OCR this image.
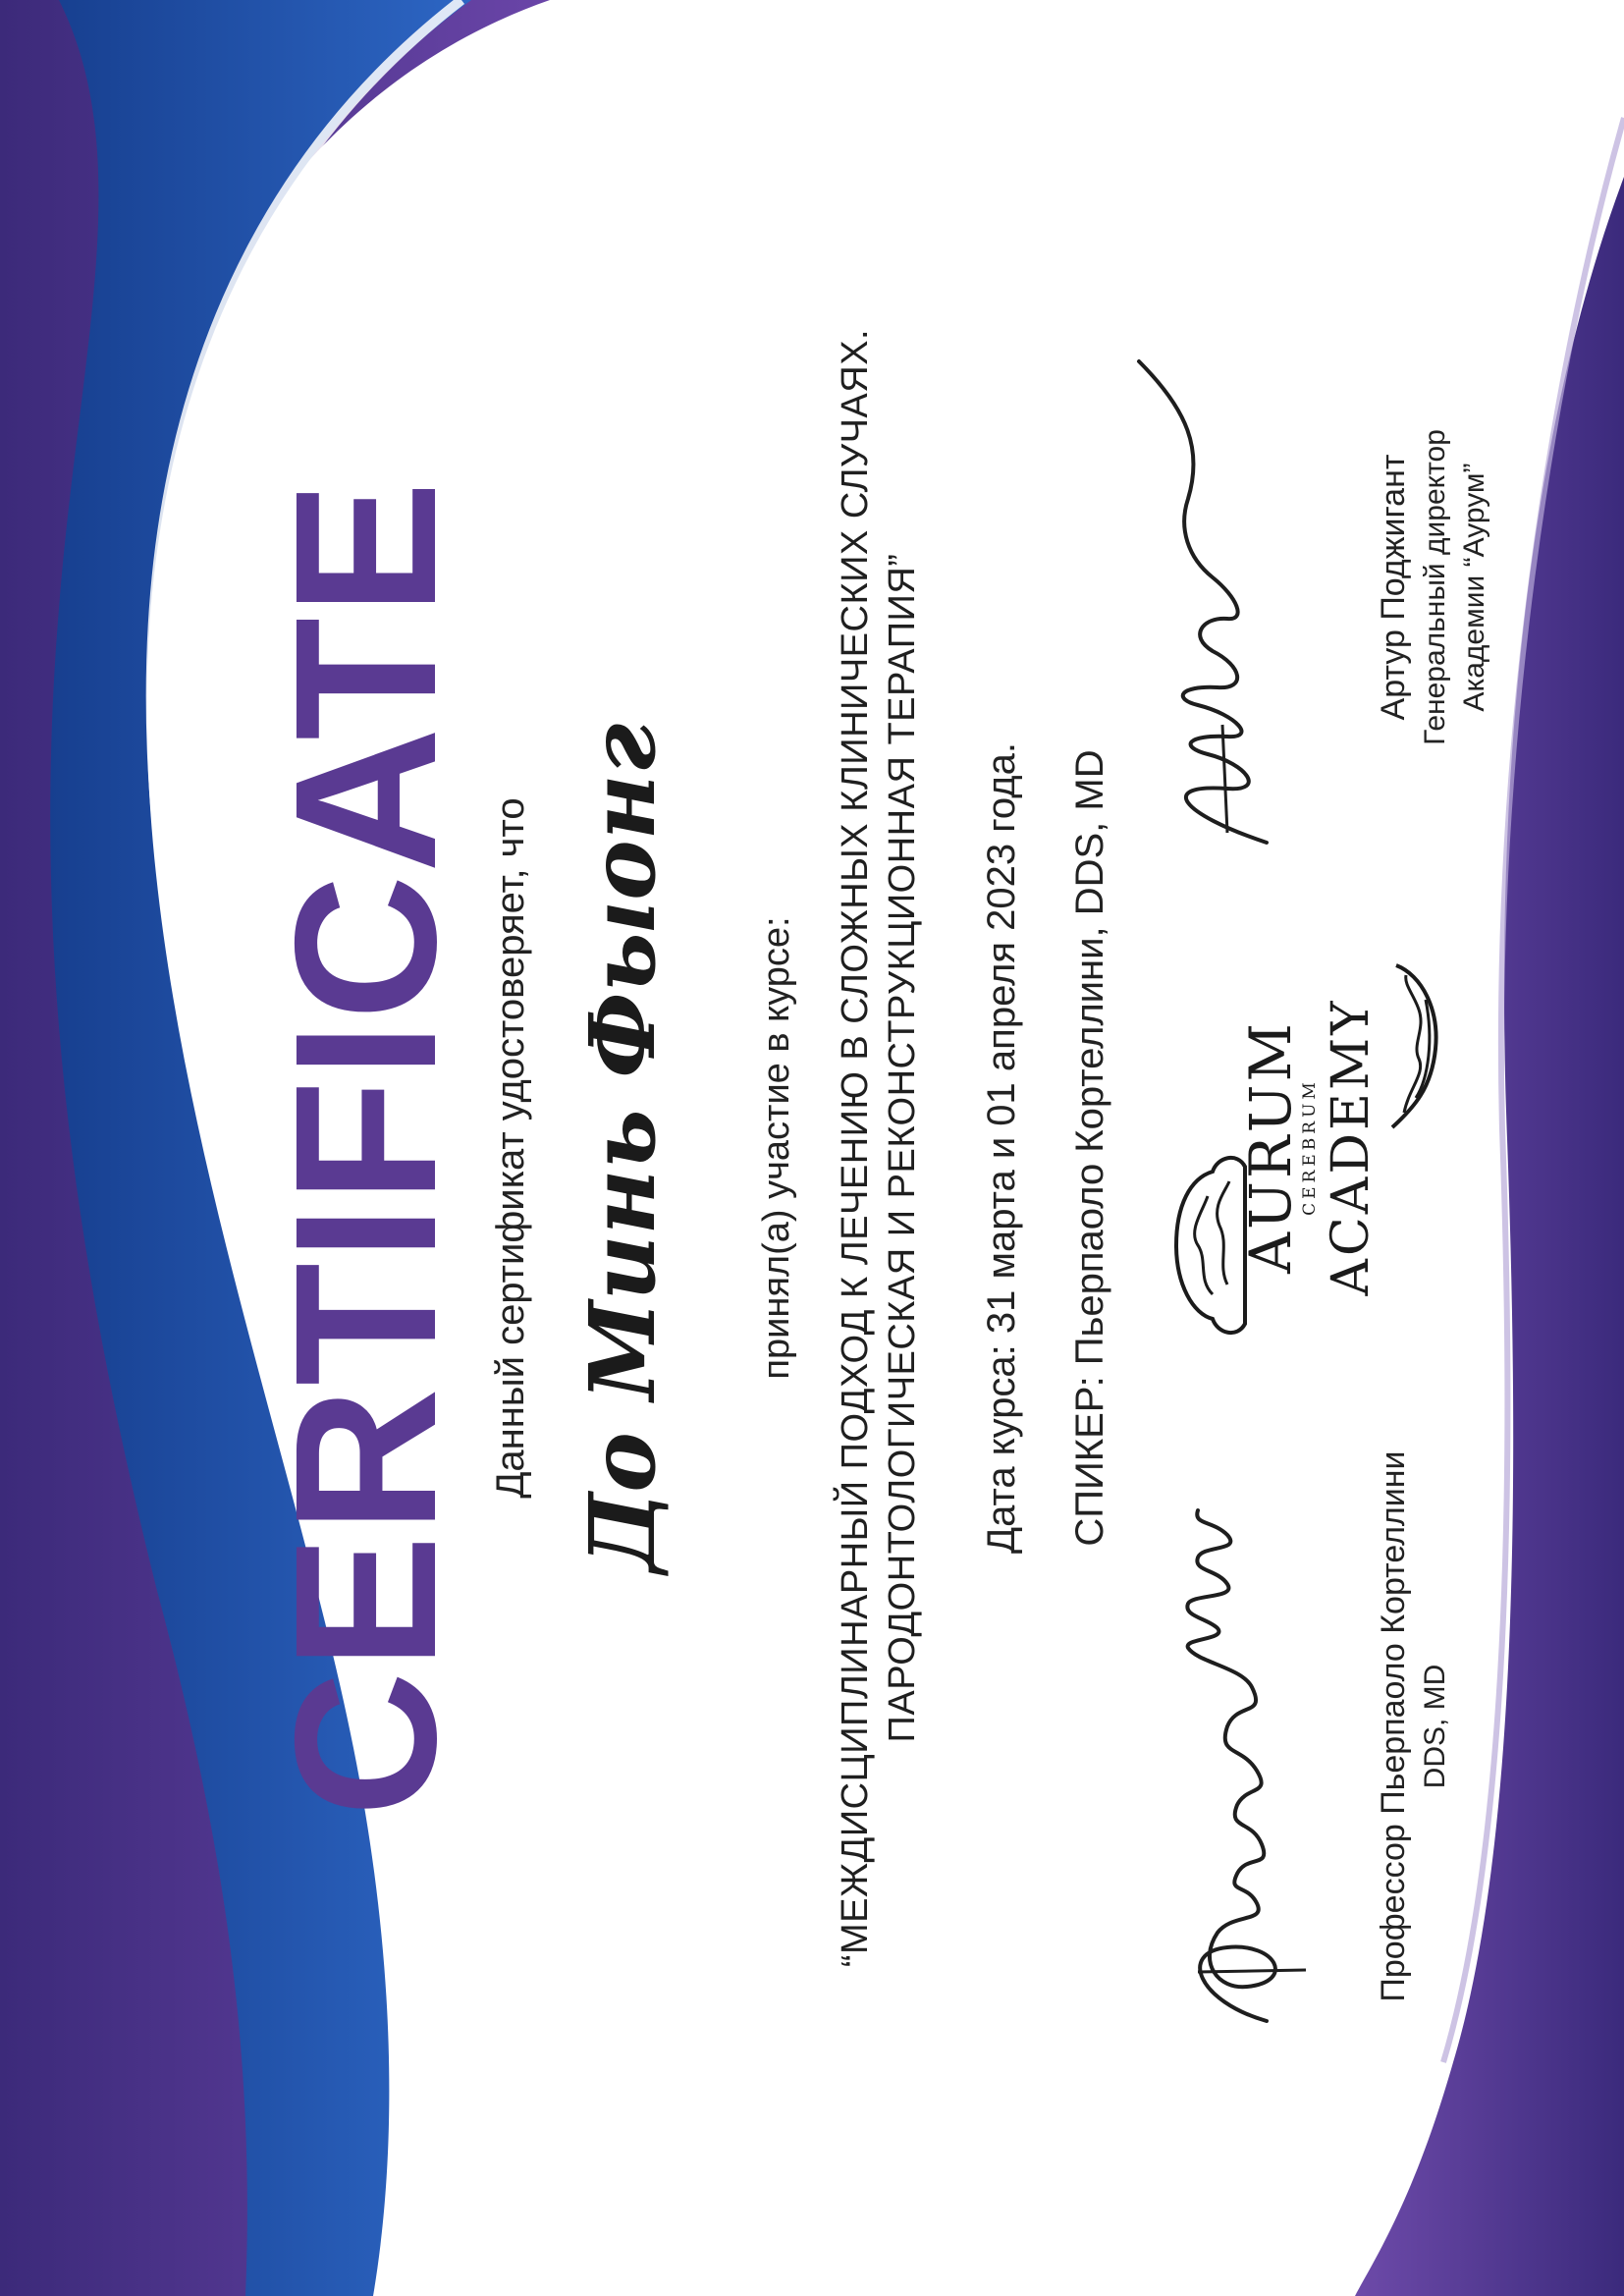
CERTIFICATE Данный сертификат удостоверяет, что До Минь Фыонг принял(а) участие в курсе: “МЕЖДИСЦИПЛИНАРНЫЙ ПОДХОД К ЛЕЧЕНИЮ В СЛОЖНЫХ КЛИНИЧЕСКИХ СЛУЧАЯХ. ПАРОДОНТОЛОГИЧЕСКАЯ И РЕКОНСТРУКЦИОННАЯ ТЕРАПИЯ” Дата курса: 31 марта и 01 апреля 2023 года. СПИКЕР: Пьерпаоло Кортеллини, DDS, MD AURUM
CEREBRUM ACADEMY
Профессор Пьерпаоло Кортеллини DDS, MD
Артур Поджигант Генеральный директор Академии “Аурум”
